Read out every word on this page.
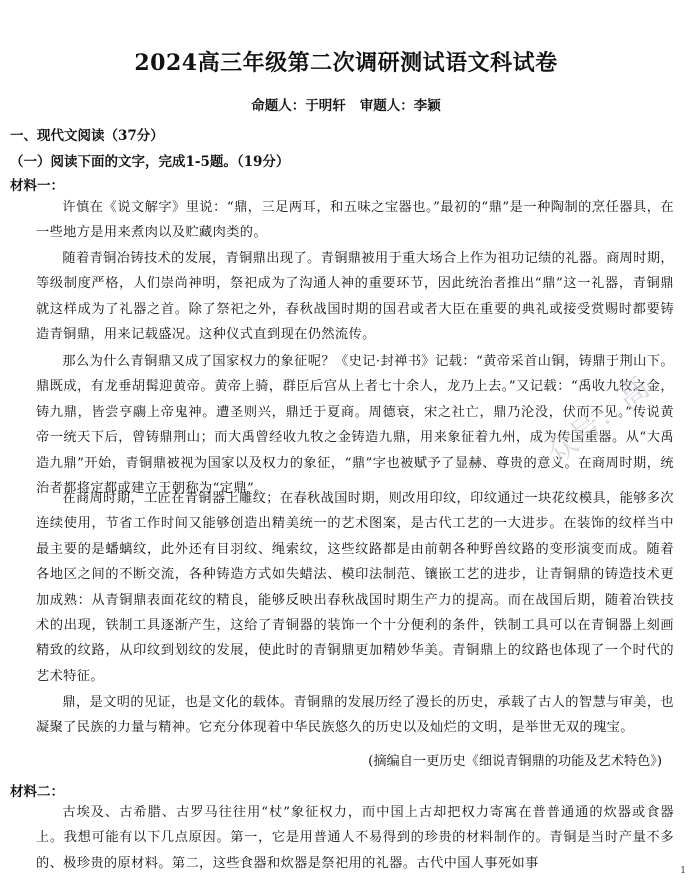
2024高三年级第二次调研测试语文科试卷
命题人：于明轩 审题人：李颖
一、现代文阅读（37分）
（一）阅读下面的文字，完成1-5题。（19分）
材料一：

许慎在《说文解字》里说：“鼎，三足两耳，和五味之宝器也。”最初的“鼎”是一种陶制的烹任器具，在一些地方是用来煮肉以及贮藏肉类的。

随着青铜冶铸技术的发展，青铜鼎出现了。青铜鼎被用于重大场合上作为祖功记绩的礼器。商周时期，等级制度严格，人们崇尚神明，祭祀成为了沟通人神的重要环节，因此统治者推出“鼎”这一礼器，青铜鼎就这样成为了礼器之首。除了祭祀之外，春秋战国时期的国君或者大臣在重要的典礼或接受赏赐时都要铸造青铜鼎，用来记载盛况。这种仪式直到现在仍然流传。

那么为什么青铜鼎又成了国家权力的象征呢？《史记·封禅书》记载：“黄帝采首山铜，铸鼎于荆山下。鼎既成，有龙垂胡髯迎黄帝。黄帝上骑，群臣后宫从上者七十余人，龙乃上去。”又记载：“禹收九牧之金，铸九鼎，皆尝亨鬺上帝鬼神。遭圣则兴，鼎迁于夏商。周德衰，宋之社亡，鼎乃沦没，伏而不见。”传说黄帝一统天下后，曾铸鼎荆山；而大禹曾经收九牧之金铸造九鼎，用来象征着九州，成为传国重器。从“大禹造九鼎”开始，青铜鼎被视为国家以及权力的象征，“鼎”字也被赋予了显赫、尊贵的意义。在商周时期，统治者都将定都或建立王朝称为“定鼎”。

在商周时期，工匠在青铜器上雕纹；在春秋战国时期，则改用印纹，印纹通过一块花纹模具，能够多次连续使用，节省工作时间又能够创造出精美统一的艺术图案，是古代工艺的一大进步。在装饰的纹样当中最主要的是蟠螭纹，此外还有目羽纹、绳索纹，这些纹路都是由前朝各种野兽纹路的变形演变而成。随着各地区之间的不断交流，各种铸造方式如失蜡法、模印法制范、镶嵌工艺的进步，让青铜鼎的铸造技术更加成熟：从青铜鼎表面花纹的精良，能够反映出春秋战国时期生产力的提高。而在战国后期，随着冶铁技术的出现，铁制工具逐渐产生，这给了青铜器的装饰一个十分便利的条件，铁制工具可以在青铜器上刻画精致的纹路，从印纹到划纹的发展，使此时的青铜鼎更加精妙华美。青铜鼎上的纹路也体现了一个时代的艺术特征。

鼎，是文明的见证，也是文化的载体。青铜鼎的发展历经了漫长的历史，承载了古人的智慧与审美，也凝聚了民族的力量与精神。它充分体现着中华民族悠久的历史以及灿烂的文明，是举世无双的瑰宝。

(摘编自一更历史《细说青铜鼎的功能及艺术特色》)
材料二：

古埃及、古希腊、古罗马往往用“杖”象征权力，而中国上古却把权力寄寓在普普通通的炊器或食器上。我想可能有以下几点原因。第一，它是用普通人不易得到的珍贵的材料制作的。青铜是当时产量不多的、极珍贵的原材料。第二，这些食器和炊器是祭祀用的礼器。古代中国人事死如事

众号：高
1
